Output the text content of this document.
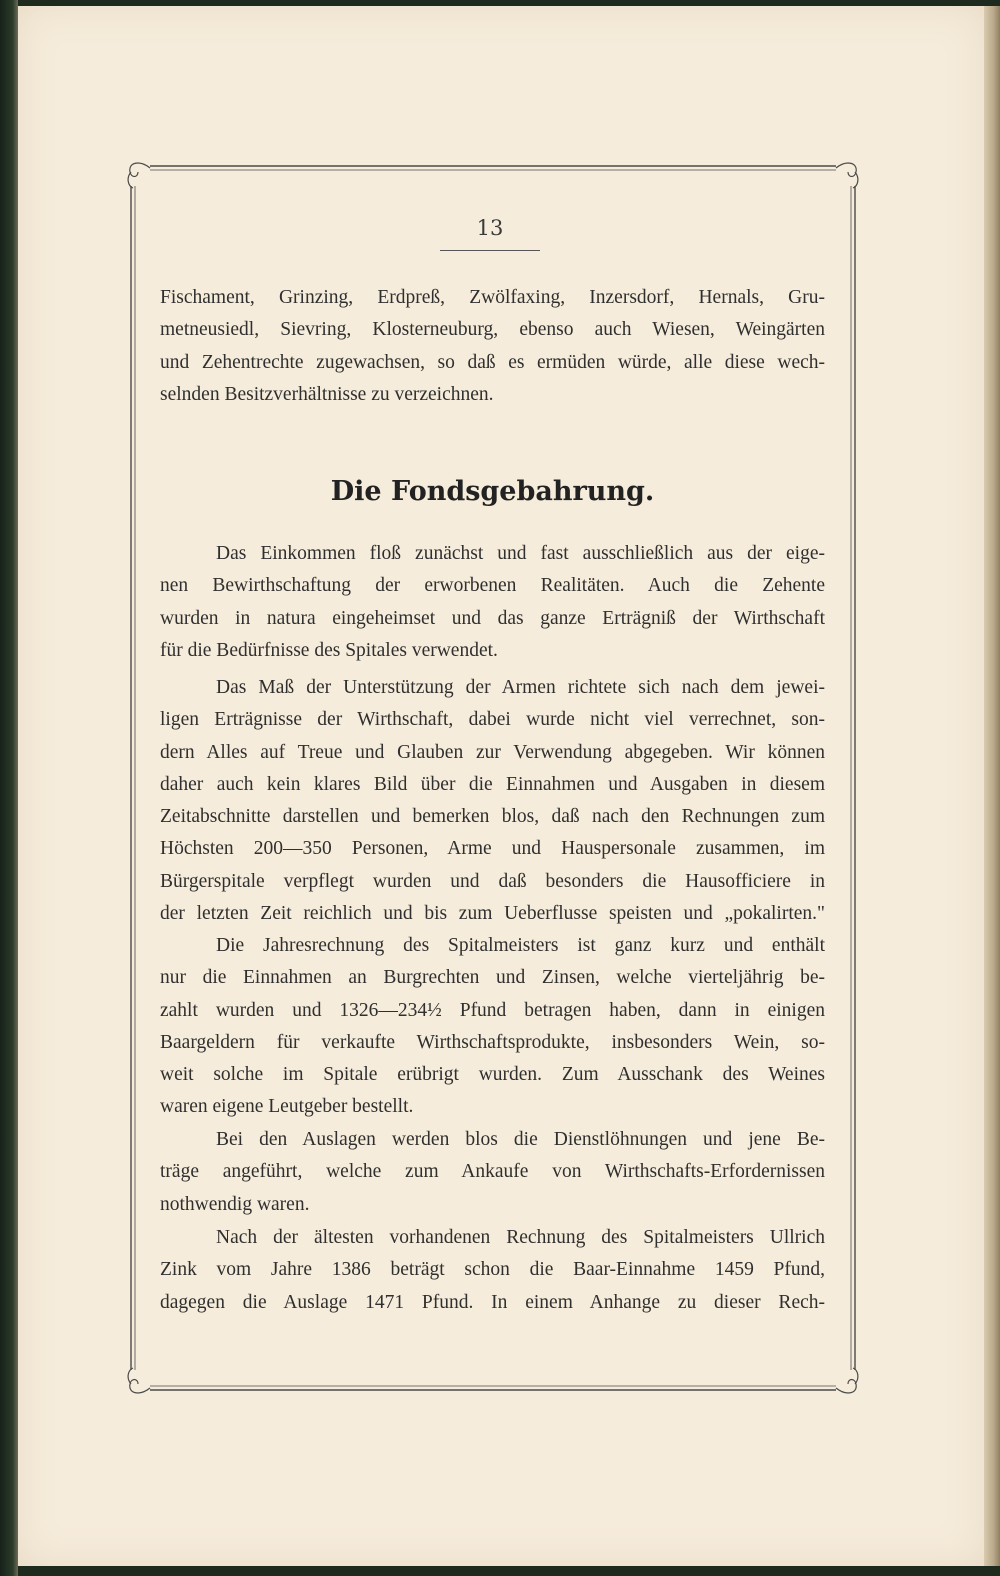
13
Fischament, Grinzing, Erdpreß, Zwölfaxing, Inzersdorf, Hernals, Gru-
metneusiedl, Sievring, Klosterneuburg, ebenso auch Wiesen, Weingärten
und Zehentrechte zugewachsen, so daß es ermüden würde, alle diese wech-
selnden Besitzverhältnisse zu verzeichnen.
Die Fondsgebahrung.
Das Einkommen floß zunächst und fast ausschließlich aus der eige-
nen Bewirthschaftung der erworbenen Realitäten. Auch die Zehente
wurden in natura eingeheimset und das ganze Erträgniß der Wirthschaft
für die Bedürfnisse des Spitales verwendet.
Das Maß der Unterstützung der Armen richtete sich nach dem jewei-
ligen Erträgnisse der Wirthschaft, dabei wurde nicht viel verrechnet, son-
dern Alles auf Treue und Glauben zur Verwendung abgegeben. Wir können
daher auch kein klares Bild über die Einnahmen und Ausgaben in diesem
Zeitabschnitte darstellen und bemerken blos, daß nach den Rechnungen zum
Höchsten 200—350 Personen, Arme und Hauspersonale zusammen, im
Bürgerspitale verpflegt wurden und daß besonders die Hausofficiere in
der letzten Zeit reichlich und bis zum Ueberflusse speisten und „pokalirten."
Die Jahresrechnung des Spitalmeisters ist ganz kurz und enthält
nur die Einnahmen an Burgrechten und Zinsen, welche vierteljährig be-
zahlt wurden und 1326—234½ Pfund betragen haben, dann in einigen
Baargeldern für verkaufte Wirthschaftsprodukte, insbesonders Wein, so-
weit solche im Spitale erübrigt wurden. Zum Ausschank des Weines
waren eigene Leutgeber bestellt.
Bei den Auslagen werden blos die Dienstlöhnungen und jene Be-
träge angeführt, welche zum Ankaufe von Wirthschafts-Erfordernissen
nothwendig waren.
Nach der ältesten vorhandenen Rechnung des Spitalmeisters Ullrich
Zink vom Jahre 1386 beträgt schon die Baar-Einnahme 1459 Pfund,
dagegen die Auslage 1471 Pfund. In einem Anhange zu dieser Rech-
